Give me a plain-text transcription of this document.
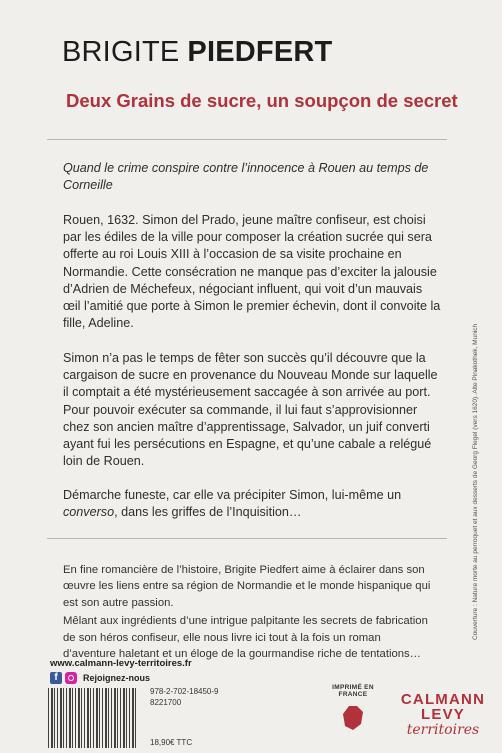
BRIGITE PIEDFERT
Deux Grains de sucre, un soupçon de secret
Quand le crime conspire contre l’innocence à Rouen au temps de Corneille
Rouen, 1632. Simon del Prado, jeune maître confiseur, est choisi par les édiles de la ville pour composer la création sucrée qui sera offerte au roi Louis XIII à l’occasion de sa visite prochaine en Normandie. Cette consécration ne manque pas d’exciter la jalousie d’Adrien de Méchefeux, négociant influent, qui voit d’un mauvais œil l’amitié que porte à Simon le premier échevin, dont il convoite la fille, Adeline.
Simon n’a pas le temps de fêter son succès qu’il découvre que la cargaison de sucre en provenance du Nouveau Monde sur laquelle il comptait a été mystérieusement saccagée à son arrivée au port. Pour pouvoir exécuter sa commande, il lui faut s’approvisionner chez son ancien maître d’apprentissage, Salvador, un juif converti ayant fui les persécutions en Espagne, et qu’une cabale a relégué loin de Rouen.
Démarche funeste, car elle va précipiter Simon, lui-même un converso, dans les griffes de l’Inquisition…

En fine romancière de l’histoire, Brigite Piedfert aime à éclairer dans son œuvre les liens entre sa région de Normandie et le monde hispanique qui est son autre passion.

Mêlant aux ingrédients d’une intrigue palpitante les secrets de fabrication de son héros confiseur, elle nous livre ici tout à la fois un roman d’aventure haletant et un éloge de la gourmandise riche de tentations…

www.calmann-levy-territoires.fr
f	Rejoignez-nous
978-2-702-18450-9
8221700
18,90€ TTC
IMPRIMÉ EN FRANCE	CALMANN LEVY
territoires
Couverture : Nature morte au perroquet et aux desserts de Georg Flegel (vers 1620). Alte Pinakothek, Munich
